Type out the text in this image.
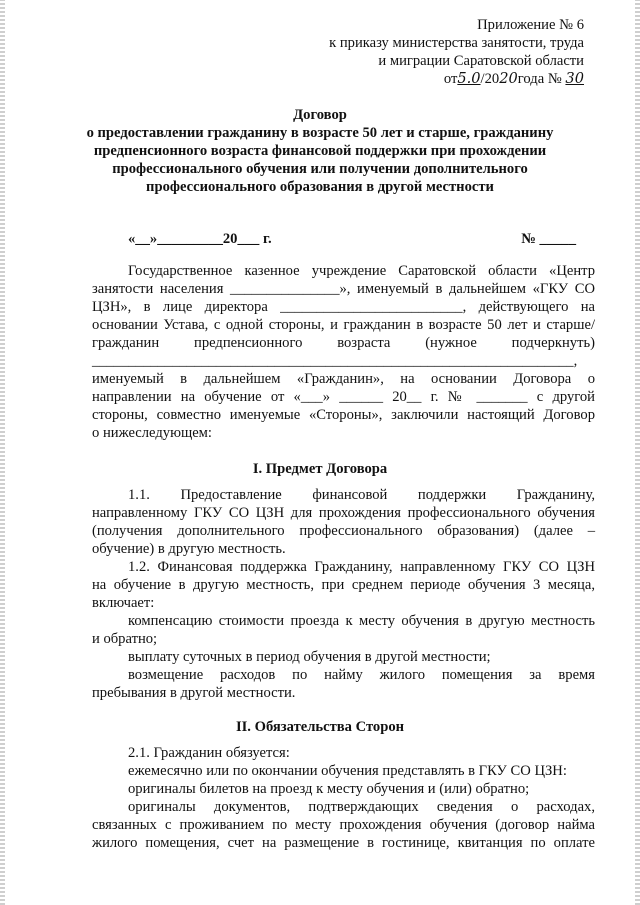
Приложение № 6
к приказу министерства занятости, труда
и миграции Саратовской области
от5.0/2020года № 30
Договор
о предоставлении гражданину в возрасте 50 лет и старше, гражданину
предпенсионного возраста финансовой поддержки при прохождении
профессионального обучения или получении дополнительного
профессионального образования в другой местности
«__»_________20___ г.	№ _____
Государственное казенное учреждение Саратовской области «Центр
занятости населения _______________», именуемый в дальнейшем «ГКУ СО
ЦЗН», в лице директора _________________________, действующего на
основании Устава, с одной стороны, и гражданин в возрасте 50 лет и старше/
гражданин предпенсионного возраста (нужное подчеркнуть)
__________________________________________________________________,
именуемый в дальнейшем «Гражданин», на основании Договора о
направлении на обучение от «___» ______ 20__ г. № _______ с другой
стороны, совместно именуемые «Стороны», заключили настоящий Договор
о нижеследующем:
I. Предмет Договора
1.1. Предоставление финансовой поддержки Гражданину,
направленному ГКУ СО ЦЗН для прохождения профессионального обучения
(получения дополнительного профессионального образования) (далее –
обучение) в другую местность.
1.2. Финансовая поддержка Гражданину, направленному ГКУ СО ЦЗН
на обучение в другую местность, при среднем периоде обучения 3 месяца,
включает:
компенсацию стоимости проезда к месту обучения в другую местность
и обратно;
выплату суточных в период обучения в другой местности;
возмещение расходов по найму жилого помещения за время
пребывания в другой местности.
II. Обязательства Сторон
2.1. Гражданин обязуется:
ежемесячно или по окончании обучения представлять в ГКУ СО ЦЗН:
оригиналы билетов на проезд к месту обучения и (или) обратно;
оригиналы документов, подтверждающих сведения о расходах,
связанных с проживанием по месту прохождения обучения (договор найма
жилого помещения, счет на размещение в гостинице, квитанция по оплате
